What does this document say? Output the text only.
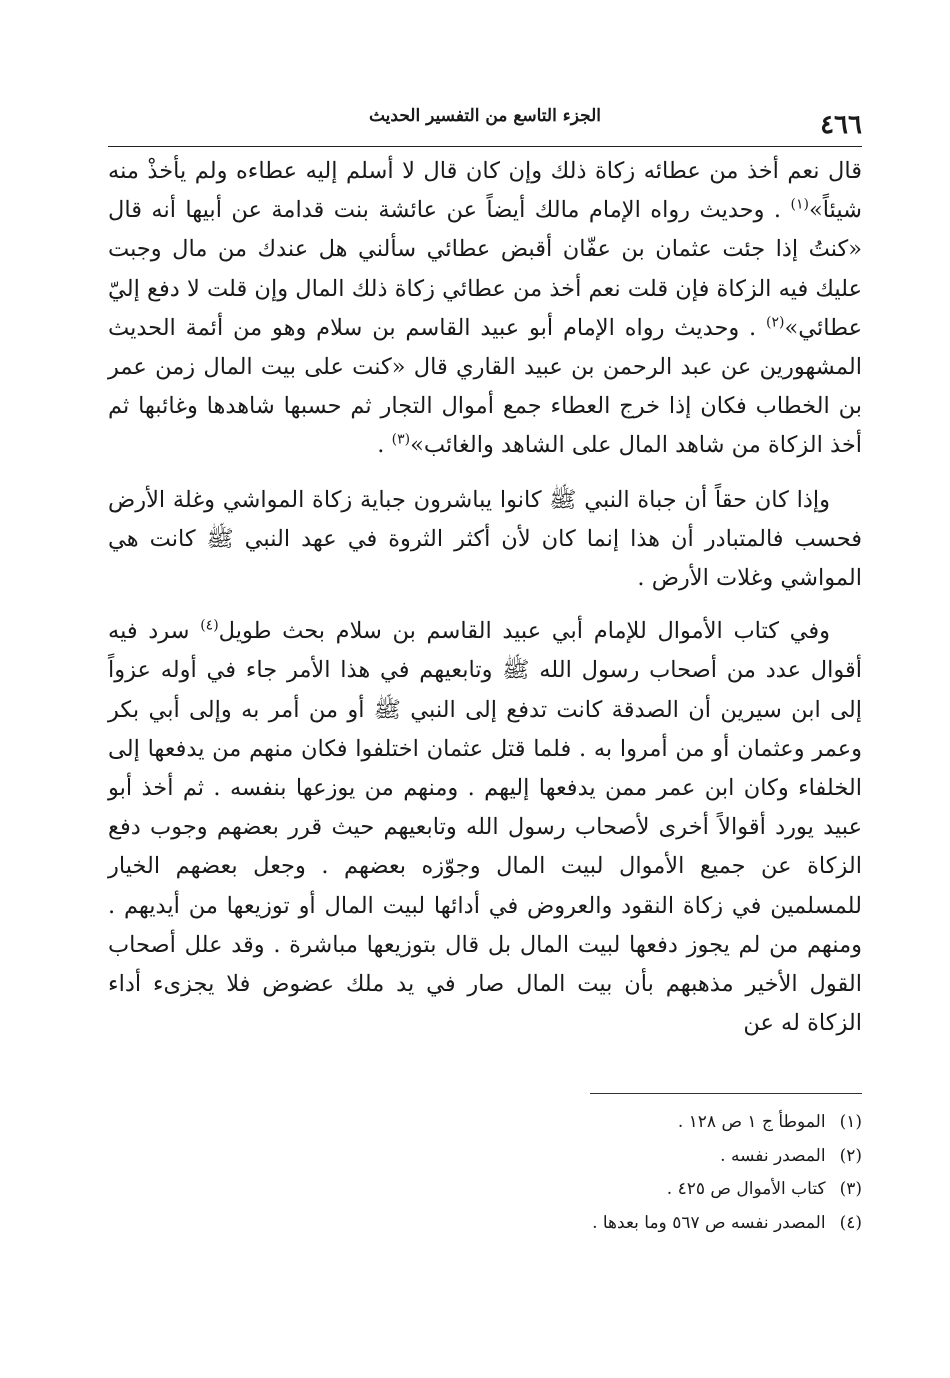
٤٦٦
الجزء التاسع من التفسير الحديث

قال نعم أخذ من عطائه زكاة ذلك وإن كان قال لا أسلم إليه عطاءه ولم يأخذْ منه شيئاً»$^{(١)}$ . وحديث رواه الإمام مالك أيضاً عن عائشة بنت قدامة عن أبيها أنه قال «كنتُ إذا جئت عثمان بن عفّان أقبض عطائي سألني هل عندك من مال وجبت عليك فيه الزكاة فإن قلت نعم أخذ من عطائي زكاة ذلك المال وإن قلت لا دفع إليّ عطائي»$^{(٢)}$ . وحديث رواه الإمام أبو عبيد القاسم بن سلام وهو من أئمة الحديث المشهورين عن عبد الرحمن بن عبيد القاري قال «كنت على بيت المال زمن عمر بن الخطاب فكان إذا خرج العطاء جمع أموال التجار ثم حسبها شاهدها وغائبها ثم أخذ الزكاة من شاهد المال على الشاهد والغائب»$^{(٣)}$ .

وإذا كان حقاً أن جباة النبي ﷺ كانوا يباشرون جباية زكاة المواشي وغلة الأرض فحسب فالمتبادر أن هذا إنما كان لأن أكثر الثروة في عهد النبي ﷺ كانت هي المواشي وغلات الأرض .

وفي كتاب الأموال للإمام أبي عبيد القاسم بن سلام بحث طويل$^{(٤)}$ سرد فيه أقوال عدد من أصحاب رسول الله ﷺ وتابعيهم في هذا الأمر جاء في أوله عزواً إلى ابن سيرين أن الصدقة كانت تدفع إلى النبي ﷺ أو من أمر به وإلى أبي بكر وعمر وعثمان أو من أمروا به . فلما قتل عثمان اختلفوا فكان منهم من يدفعها إلى الخلفاء وكان ابن عمر ممن يدفعها إليهم . ومنهم من يوزعها بنفسه . ثم أخذ أبو عبيد يورد أقوالاً أخرى لأصحاب رسول الله وتابعيهم حيث قرر بعضهم وجوب دفع الزكاة عن جميع الأموال لبيت المال وجوّزه بعضهم . وجعل بعضهم الخيار للمسلمين في زكاة النقود والعروض في أدائها لبيت المال أو توزيعها من أيديهم . ومنهم من لم يجوز دفعها لبيت المال بل قال بتوزيعها مباشرة . وقد علل أصحاب القول الأخير مذهبهم بأن بيت المال صار في يد ملك عضوض فلا يجزىء أداء الزكاة له عن

(١)الموطأ ج ١ ص ١٢٨ .
(٢)المصدر نفسه .
(٣)كتاب الأموال ص ٤٢٥ .
(٤)المصدر نفسه ص ٥٦٧ وما بعدها .
